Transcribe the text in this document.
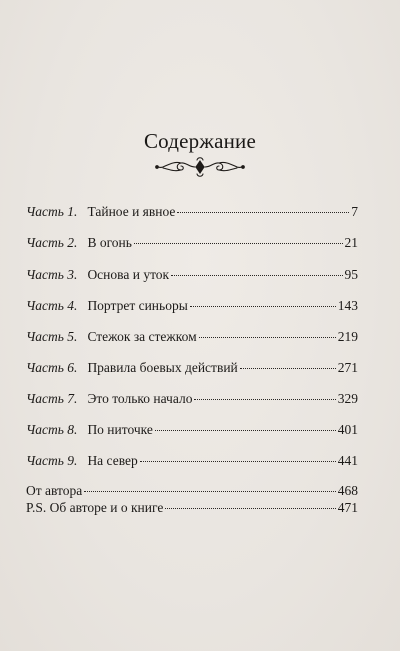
Содержание
Часть 1. Тайное и явное	7
Часть 2. В огонь	21
Часть 3. Основа и уток	95
Часть 4. Портрет синьоры	143
Часть 5. Стежок за стежком	219
Часть 6. Правила боевых действий	271
Часть 7. Это только начало	329
Часть 8. По ниточке	401
Часть 9. На север	441
От автора	468
P.S. Об авторе и о книге	471
